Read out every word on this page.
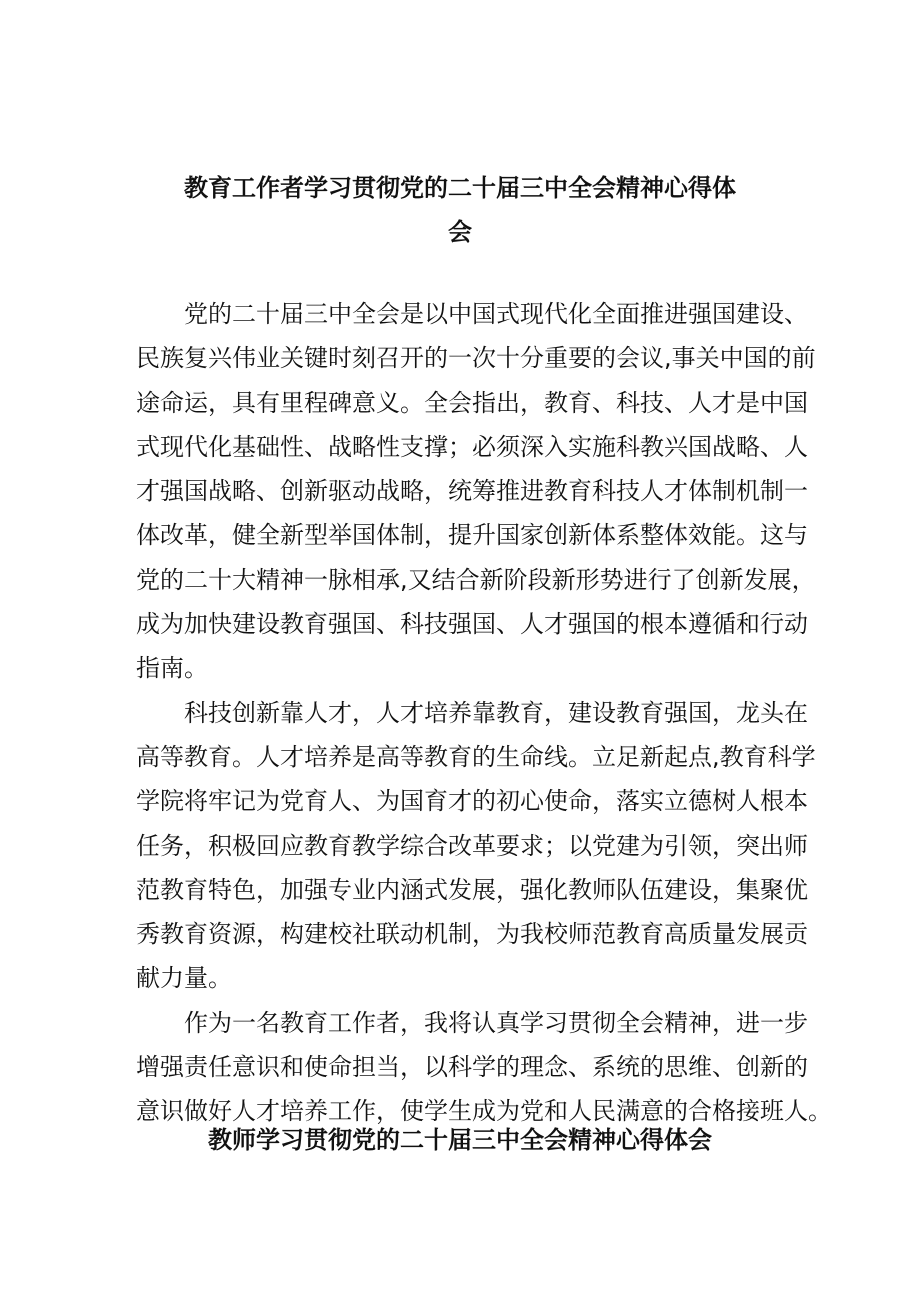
教育工作者学习贯彻党的二十届三中全会精神心得体
会

党的二十届三中全会是以中国式现代化全面推进强国建设、
民族复兴伟业关键时刻召开的一次十分重要的会议,事关中国的前
途命运，具有里程碑意义。全会指出，教育、科技、人才是中国
式现代化基础性、战略性支撑；必须深入实施科教兴国战略、人
才强国战略、创新驱动战略，统筹推进教育科技人才体制机制一
体改革，健全新型举国体制，提升国家创新体系整体效能。这与
党的二十大精神一脉相承,又结合新阶段新形势进行了创新发展，
成为加快建设教育强国、科技强国、人才强国的根本遵循和行动
指南。

科技创新靠人才，人才培养靠教育，建设教育强国，龙头在
高等教育。人才培养是高等教育的生命线。立足新起点,教育科学
学院将牢记为党育人、为国育才的初心使命，落实立德树人根本
任务，积极回应教育教学综合改革要求；以党建为引领，突出师
范教育特色，加强专业内涵式发展，强化教师队伍建设，集聚优
秀教育资源，构建校社联动机制，为我校师范教育高质量发展贡
献力量。

作为一名教育工作者，我将认真学习贯彻全会精神，进一步
增强责任意识和使命担当，以科学的理念、系统的思维、创新的
意识做好人才培养工作，使学生成为党和人民满意的合格接班人。

教师学习贯彻党的二十届三中全会精神心得体会
